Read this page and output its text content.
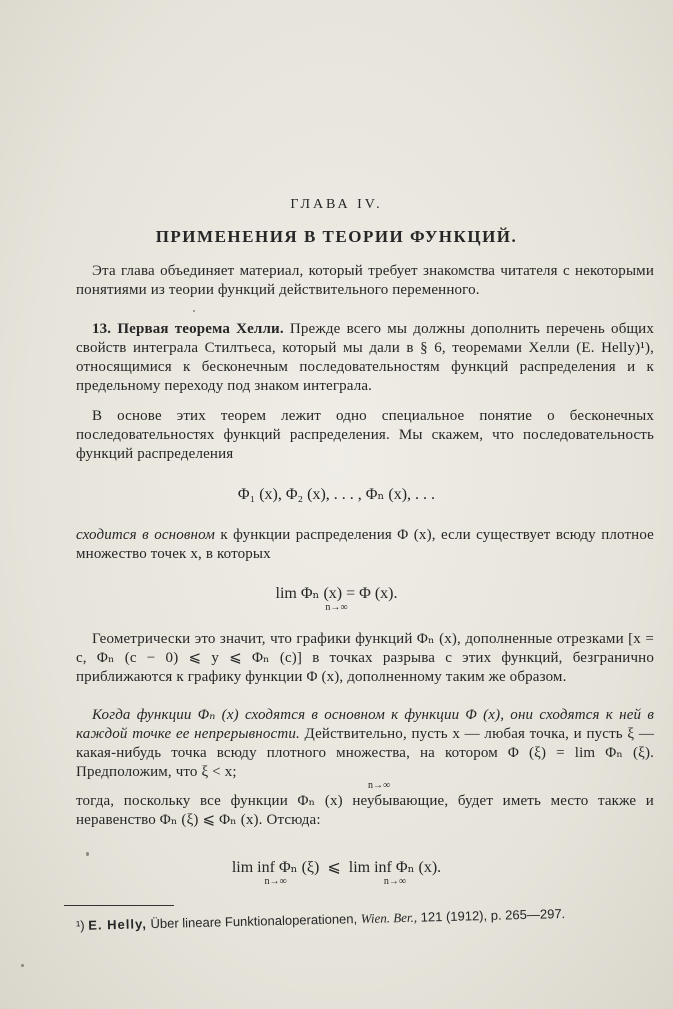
ГЛАВА IV.
ПРИМЕНЕНИЯ В ТЕОРИИ ФУНКЦИЙ.

Эта глава объединяет материал, который требует знакомства читателя с некоторыми понятиями из теории функций действительного переменного.

13. Первая теорема Хелли. Прежде всего мы должны дополнить перечень общих свойств интеграла Стилтьеса, который мы дали в § 6, теоремами Хелли (E. Helly)¹), относящимися к бесконечным последовательностям функций распределения и к предельному переходу под знаком интеграла.

В основе этих теорем лежит одно специальное понятие о бесконечных последовательностях функций распределения. Мы скажем, что последовательность функций распределения

Φ₁ (x), Φ₂ (x), . . . , Φₙ (x), . . .

сходится в основном к функции распределения Φ (x), если существует всюду плотное множество точек x, в которых

lim Φₙ (x) = Φ (x).
n→∞

Геометрически это значит, что графики функций Φₙ (x), дополненные отрезками [x = c, Φₙ (c − 0) ⩽ y ⩽ Φₙ (c)] в точках разрыва c этих функций, безгранично приближаются к графику функции Φ (x), дополненному таким же образом.

Когда функции Φₙ (x) сходятся в основном к функции Φ (x), они сходятся к ней в каждой точке ее непрерывности. Действительно, пусть x — любая точка, и пусть ξ — какая-нибудь точка всюду плотного множества, на котором Φ (ξ) = lim Φₙ (ξ). Предположим, что ξ < x;

n→∞

тогда, поскольку все функции Φₙ (x) неубывающие, будет иметь место также и неравенство Φₙ (ξ) ⩽ Φₙ (x). Отсюда:

lim inf Φₙ (ξ)
n→∞
⩽ lim inf Φₙ (x).
n→∞
¹) E. Helly, Über lineare Funktionaloperationen, Wien. Ber., 121 (1912), p. 265—297.
